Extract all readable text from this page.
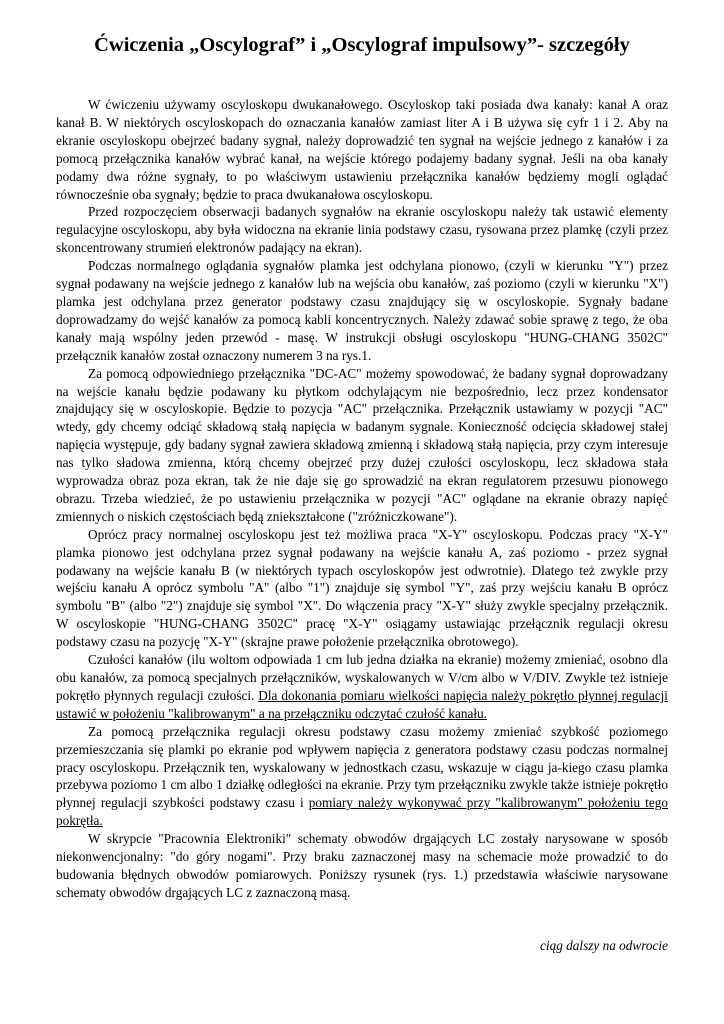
Ćwiczenia „Oscylograf” i „Oscylograf impulsowy”- szczegóły

W ćwiczeniu używamy oscyloskopu dwukanałowego. Oscyloskop taki posiada dwa kanały: kanał A oraz kanał B. W niektórych oscyloskopach do oznaczania kanałów zamiast liter A i B używa się cyfr 1 i 2. Aby na ekranie oscyloskopu obejrzeć badany sygnał, należy doprowadzić ten sygnał na wejście jednego z kanałów i za pomocą przełącznika kanałów wybrać kanał, na wejście którego podajemy badany sygnał. Jeśli na oba kanały podamy dwa różne sygnały, to po właściwym ustawieniu przełącznika kanałów będziemy mogli oglądać równocześnie oba sygnały; będzie to praca dwukanałowa oscyloskopu.

Przed rozpoczęciem obserwacji badanych sygnałów na ekranie oscyloskopu należy tak ustawić elementy regulacyjne oscyloskopu, aby była widoczna na ekranie linia podstawy czasu, rysowana przez plamkę (czyli przez skoncentrowany strumień elektronów padający na ekran).

Podczas normalnego oglądania sygnałów plamka jest odchylana pionowo, (czyli w kierunku "Y") przez sygnał podawany na wejście jednego z kanałów lub na wejścia obu kanałów, zaś poziomo (czyli w kierunku "X") plamka jest odchylana przez generator podstawy czasu znajdujący się w oscyloskopie. Sygnały badane doprowadzamy do wejść kanałów za pomocą kabli koncentrycznych. Należy zdawać sobie sprawę z tego, że oba kanały mają wspólny jeden przewód - masę. W instrukcji obsługi oscyloskopu "HUNG-CHANG 3502C" przełącznik kanałów został oznaczony numerem 3 na rys.1.

Za pomocą odpowiedniego przełącznika "DC-AC" możemy spowodować, że badany sygnał doprowadzany na wejście kanału będzie podawany ku płytkom odchylającym nie bezpośrednio, lecz przez kondensator znajdujący się w oscyloskopie. Będzie to pozycja "AC" przełącznika. Przełącznik ustawiamy w pozycji "AC" wtedy, gdy chcemy odciąć składową stałą napięcia w badanym sygnale. Konieczność odcięcia składowej stałej napięcia występuje, gdy badany sygnał zawiera składową zmienną i składową stałą napięcia, przy czym interesuje nas tylko sładowa zmienna, którą chcemy obejrzeć przy dużej czułości oscyloskopu, lecz składowa stała wyprowadza obraz poza ekran, tak że nie daje się go sprowadzić na ekran regulatorem przesuwu pionowego obrazu. Trzeba wiedzieć, że po ustawieniu przełącznika w pozycji "AC" oglądane na ekranie obrazy napięć zmiennych o niskich częstościach będą zniekształcone ("zróżniczkowane").

Oprócz pracy normalnej oscyloskopu jest też możliwa praca "X-Y" oscyloskopu. Podczas pracy "X-Y" plamka pionowo jest odchylana przez sygnał podawany na wejście kanału A, zaś poziomo - przez sygnał podawany na wejście kanału B (w niektórych typach oscyloskopów jest odwrotnie). Dlatego też zwykle przy wejściu kanału A oprócz symbolu "A" (albo "1") znajduje się symbol "Y", zaś przy wejściu kanału B oprócz symbolu "B" (albo "2") znajduje się symbol "X". Do włączenia pracy "X-Y" służy zwykle specjalny przełącznik. W oscyloskopie "HUNG-CHANG 3502C" pracę "X-Y" osiągamy ustawiając przełącznik regulacji okresu podstawy czasu na pozycję "X-Y" (skrajne prawe położenie przełącznika obrotowego).

Czułości kanałów (ilu woltom odpowiada 1 cm lub jedna działka na ekranie) możemy zmieniać, osobno dla obu kanałów, za pomocą specjalnych przełączników, wyskalowanych w V/cm albo w V/DIV. Zwykle też istnieje pokrętło płynnych regulacji czułości. Dla dokonania pomiaru wielkości napięcia należy pokrętło płynnej regulacji ustawić w położeniu "kalibrowanym" a na przełączniku odczytać czułość kanału.

Za pomocą przełącznika regulacji okresu podstawy czasu możemy zmieniać szybkość poziomego przemieszczania się plamki po ekranie pod wpływem napięcia z generatora podstawy czasu podczas normalnej pracy oscyloskopu. Przełącznik ten, wyskalowany w jednostkach czasu, wskazuje w ciągu ja-kiego czasu plamka przebywa poziomo 1 cm albo 1 działkę odległości na ekranie. Przy tym przełączniku zwykle także istnieje pokrętło płynnej regulacji szybkości podstawy czasu i pomiary należy wykonywać przy "kalibrowanym" położeniu tego pokrętła.

W skrypcie "Pracownia Elektroniki" schematy obwodów drgających LC zostały narysowane w sposób niekonwencjonalny: "do góry nogami". Przy braku zaznaczonej masy na schemacie może prowadzić to do budowania błędnych obwodów pomiarowych. Poniższy rysunek (rys. 1.) przedstawia właściwie narysowane schematy obwodów drgających LC z zaznaczoną masą.

ciąg dalszy na odwrocie
